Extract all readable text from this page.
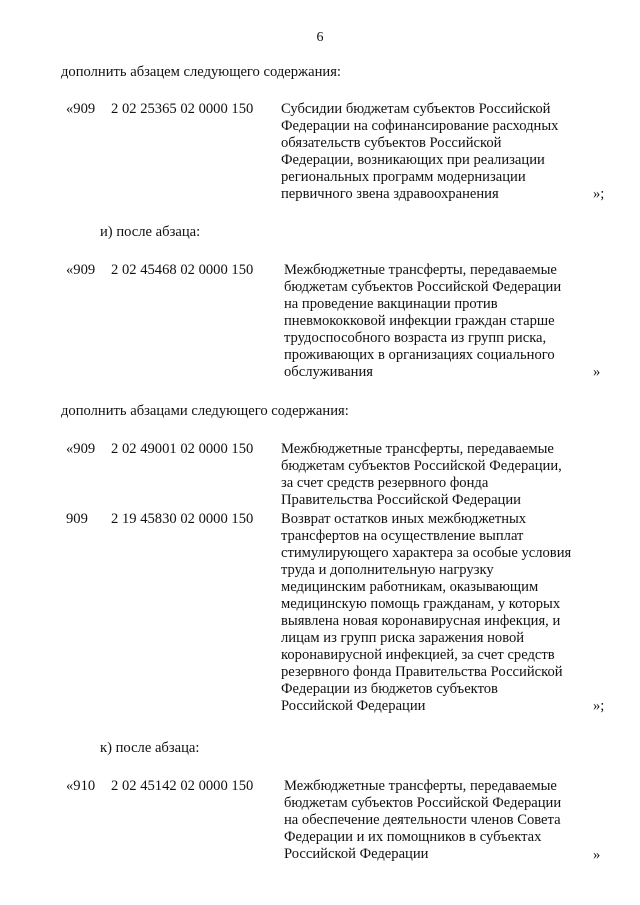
6
дополнить абзацем следующего содержания:
«909 2 02 25365 02 0000 150 Субсидии бюджетам субъектов Российской
Федерации на софинансирование расходных
обязательств субъектов Российской
Федерации, возникающих при реализации
региональных программ модернизации
первичного звена здравоохранения	»;
и) после абзаца:
«909 2 02 45468 02 0000 150 Межбюджетные трансферты, передаваемые
бюджетам субъектов Российской Федерации
на проведение вакцинации против
пневмококковой инфекции граждан старше
трудоспособного возраста из групп риска,
проживающих в организациях социального
обслуживания	»
дополнить абзацами следующего содержания:
«909 2 02 49001 02 0000 150 Межбюджетные трансферты, передаваемые
бюджетам субъектов Российской Федерации,
за счет средств резервного фонда
Правительства Российской Федерации
909 2 19 45830 02 0000 150 Возврат остатков иных межбюджетных
трансфертов на осуществление выплат
стимулирующего характера за особые условия
труда и дополнительную нагрузку
медицинским работникам, оказывающим
медицинскую помощь гражданам, у которых
выявлена новая коронавирусная инфекция, и
лицам из групп риска заражения новой
коронавирусной инфекцией, за счет средств
резервного фонда Правительства Российской
Федерации из бюджетов субъектов
Российской Федерации	»;
к) после абзаца:
«910 2 02 45142 02 0000 150 Межбюджетные трансферты, передаваемые
бюджетам субъектов Российской Федерации
на обеспечение деятельности членов Совета
Федерации и их помощников в субъектах
Российской Федерации	»
